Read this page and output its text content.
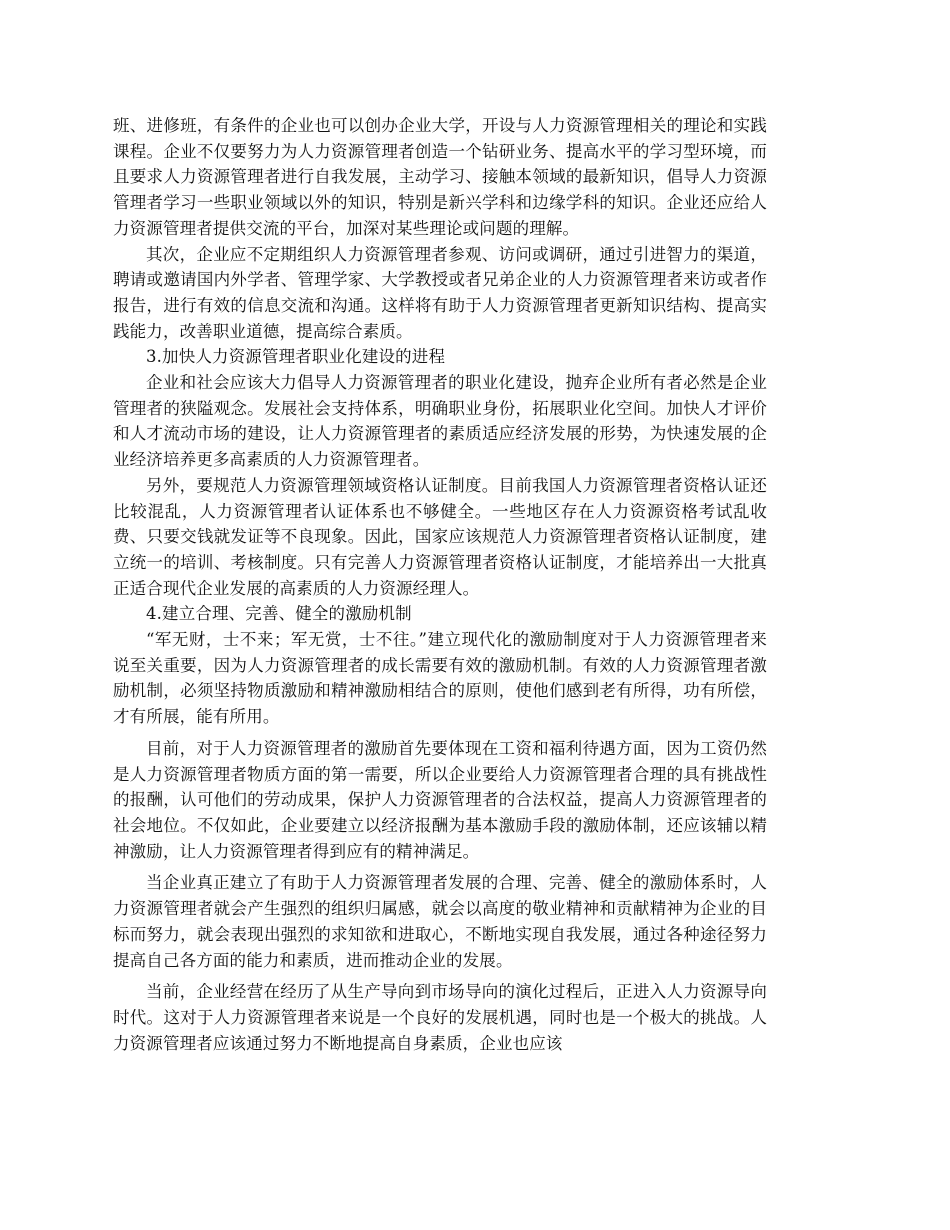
班、进修班，有条件的企业也可以创办企业大学，开设与人力资源管理相关的理论和实践课程。企业不仅要努力为人力资源管理者创造一个钻研业务、提高水平的学习型环境，而且要求人力资源管理者进行自我发展，主动学习、接触本领域的最新知识，倡导人力资源管理者学习一些职业领域以外的知识，特别是新兴学科和边缘学科的知识。企业还应给人力资源管理者提供交流的平台，加深对某些理论或问题的理解。

其次，企业应不定期组织人力资源管理者参观、访问或调研，通过引进智力的渠道，聘请或邀请国内外学者、管理学家、大学教授或者兄弟企业的人力资源管理者来访或者作报告，进行有效的信息交流和沟通。这样将有助于人力资源管理者更新知识结构、提高实践能力，改善职业道德，提高综合素质。

3.加快人力资源管理者职业化建设的进程

企业和社会应该大力倡导人力资源管理者的职业化建设，抛弃企业所有者必然是企业管理者的狭隘观念。发展社会支持体系，明确职业身份，拓展职业化空间。加快人才评价和人才流动市场的建设，让人力资源管理者的素质适应经济发展的形势，为快速发展的企业经济培养更多高素质的人力资源管理者。

另外，要规范人力资源管理领域资格认证制度。目前我国人力资源管理者资格认证还比较混乱，人力资源管理者认证体系也不够健全。一些地区存在人力资源资格考试乱收费、只要交钱就发证等不良现象。因此，国家应该规范人力资源管理者资格认证制度，建立统一的培训、考核制度。只有完善人力资源管理者资格认证制度，才能培养出一大批真正适合现代企业发展的高素质的人力资源经理人。

4.建立合理、完善、健全的激励机制

“军无财，士不来；军无赏，士不往。”建立现代化的激励制度对于人力资源管理者来说至关重要，因为人力资源管理者的成长需要有效的激励机制。有效的人力资源管理者激励机制，必须坚持物质激励和精神激励相结合的原则，使他们感到老有所得，功有所偿，才有所展，能有所用。

目前，对于人力资源管理者的激励首先要体现在工资和福利待遇方面，因为工资仍然是人力资源管理者物质方面的第一需要，所以企业要给人力资源管理者合理的具有挑战性的报酬，认可他们的劳动成果，保护人力资源管理者的合法权益，提高人力资源管理者的社会地位。不仅如此，企业要建立以经济报酬为基本激励手段的激励体制，还应该辅以精神激励，让人力资源管理者得到应有的精神满足。

当企业真正建立了有助于人力资源管理者发展的合理、完善、健全的激励体系时，人力资源管理者就会产生强烈的组织归属感，就会以高度的敬业精神和贡献精神为企业的目标而努力，就会表现出强烈的求知欲和进取心，不断地实现自我发展，通过各种途径努力提高自己各方面的能力和素质，进而推动企业的发展。

当前，企业经营在经历了从生产导向到市场导向的演化过程后，正进入人力资源导向时代。这对于人力资源管理者来说是一个良好的发展机遇，同时也是一个极大的挑战。人力资源管理者应该通过努力不断地提高自身素质，企业也应该
